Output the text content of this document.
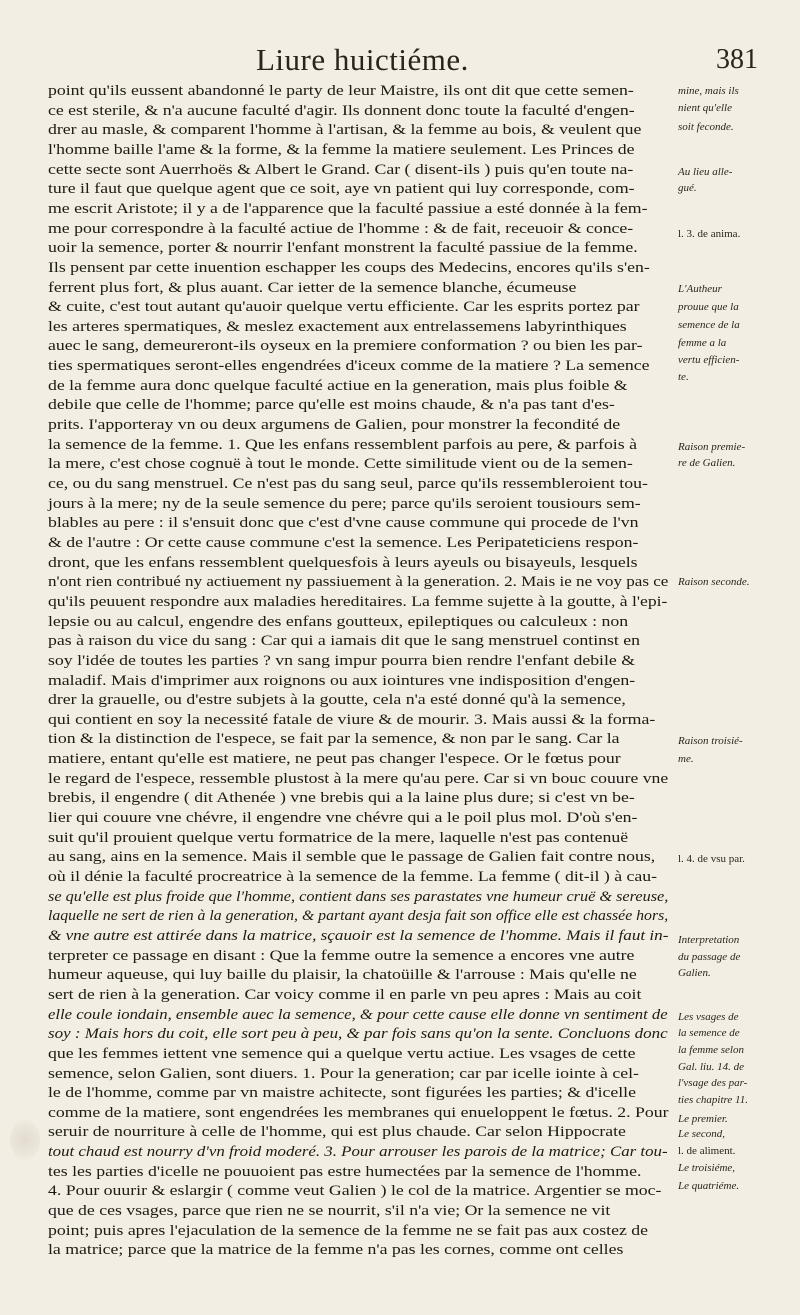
Liure huictiéme.	381
point qu'ils eussent abandonné le party de leur Maistre, ils ont dit que cette semen-
ce est sterile, & n'a aucune faculté d'agir. Ils donnent donc toute la faculté d'engen-
drer au masle, & comparent l'homme à l'artisan, & la femme au bois, & veulent que
l'homme baille l'ame & la forme, & la femme la matiere seulement. Les Princes de
cette secte sont Auerrhoës & Albert le Grand. Car ( disent-ils ) puis qu'en toute na-
ture il faut que quelque agent que ce soit, aye vn patient qui luy corresponde, com-
me escrit Aristote; il y a de l'apparence que la faculté passiue a esté donnée à la fem-
me pour correspondre à la faculté actiue de l'homme : & de fait, receuoir & conce-
uoir la semence, porter & nourrir l'enfant monstrent la faculté passiue de la femme.
Ils pensent par cette inuention eschapper les coups des Medecins, encores qu'ils s'en-
ferrent plus fort, & plus auant. Car ietter de la semence blanche, écumeuse
& cuite, c'est tout autant qu'auoir quelque vertu efficiente. Car les esprits portez par
les arteres spermatiques, & meslez exactement aux entrelassemens labyrinthiques
auec le sang, demeureront-ils oyseux en la premiere conformation ? ou bien les par-
ties spermatiques seront-elles engendrées d'iceux comme de la matiere ? La semence
de la femme aura donc quelque faculté actiue en la generation, mais plus foible &
debile que celle de l'homme; parce qu'elle est moins chaude, & n'a pas tant d'es-
prits. I'apporteray vn ou deux argumens de Galien, pour monstrer la fecondité de
la semence de la femme. 1. Que les enfans ressemblent parfois au pere, & parfois à
la mere, c'est chose cognuë à tout le monde. Cette similitude vient ou de la semen-
ce, ou du sang menstruel. Ce n'est pas du sang seul, parce qu'ils ressembleroient tou-
jours à la mere; ny de la seule semence du pere; parce qu'ils seroient tousiours sem-
blables au pere : il s'ensuit donc que c'est d'vne cause commune qui procede de l'vn
& de l'autre : Or cette cause commune c'est la semence. Les Peripateticiens respon-
dront, que les enfans ressemblent quelquesfois à leurs ayeuls ou bisayeuls, lesquels
n'ont rien contribué ny actiuement ny passiuement à la generation. 2. Mais ie ne voy pas ce
qu'ils peuuent respondre aux maladies hereditaires. La femme sujette à la goutte, à l'epi-
lepsie ou au calcul, engendre des enfans goutteux, epileptiques ou calculeux : non
pas à raison du vice du sang : Car qui a iamais dit que le sang menstruel continst en
soy l'idée de toutes les parties ? vn sang impur pourra bien rendre l'enfant debile &
maladif. Mais d'imprimer aux roignons ou aux iointures vne indisposition d'engen-
drer la grauelle, ou d'estre subjets à la goutte, cela n'a esté donné qu'à la semence,
qui contient en soy la necessité fatale de viure & de mourir. 3. Mais aussi & la forma-
tion & la distinction de l'espece, se fait par la semence, & non par le sang. Car la
matiere, entant qu'elle est matiere, ne peut pas changer l'espece. Or le fœtus pour
le regard de l'espece, ressemble plustost à la mere qu'au pere. Car si vn bouc couure vne
brebis, il engendre ( dit Athenée ) vne brebis qui a la laine plus dure; si c'est vn be-
lier qui couure vne chévre, il engendre vne chévre qui a le poil plus mol. D'où s'en-
suit qu'il prouient quelque vertu formatrice de la mere, laquelle n'est pas contenuë
au sang, ains en la semence. Mais il semble que le passage de Galien fait contre nous,
où il dénie la faculté procreatrice à la semence de la femme. La femme ( dit-il ) à cau-
se qu'elle est plus froide que l'homme, contient dans ses parastates vne humeur cruë & sereuse,
laquelle ne sert de rien à la generation, & partant ayant desja fait son office elle est chassée hors,
& vne autre est attirée dans la matrice, sçauoir est la semence de l'homme. Mais il faut in-
terpreter ce passage en disant : Que la femme outre la semence a encores vne autre
humeur aqueuse, qui luy baille du plaisir, la chatoüille & l'arrouse : Mais qu'elle ne
sert de rien à la generation. Car voicy comme il en parle vn peu apres : Mais au coit
elle coule iondain, ensemble auec la semence, & pour cette cause elle donne vn sentiment de
soy : Mais hors du coit, elle sort peu à peu, & par fois sans qu'on la sente. Concluons donc
que les femmes iettent vne semence qui a quelque vertu actiue. Les vsages de cette
semence, selon Galien, sont diuers. 1. Pour la generation; car par icelle iointe à cel-
le de l'homme, comme par vn maistre achitecte, sont figurées les parties; & d'icelle
comme de la matiere, sont engendrées les membranes qui enueloppent le fœtus. 2. Pour
seruir de nourriture à celle de l'homme, qui est plus chaude. Car selon Hippocrate
tout chaud est nourry d'vn froid moderé. 3. Pour arrouser les parois de la matrice; Car tou-
tes les parties d'icelle ne pouuoient pas estre humectées par la semence de l'homme.
4. Pour ouurir & eslargir ( comme veut Galien ) le col de la matrice. Argentier se moc-
que de ces vsages, parce que rien ne se nourrit, s'il n'a vie; Or la semence ne vit
point; puis apres l'ejaculation de la semence de la femme ne se fait pas aux costez de
la matrice; parce que la matrice de la femme n'a pas les cornes, comme ont celles
mine, mais ils
nient qu'elle
soit feconde.
Au lieu alle-
gué.
l. 3. de anima.
L'Autheur
prouue que la
semence de la
femme a la
vertu efficien-
te.
Raison premie-
re de Galien.
Raison seconde.
Raison troisié-
me.
l. 4. de vsu par.
Interpretation
du passage de
Galien.
Les vsages de
la semence de
la femme selon
Gal. liu. 14. de
l'vsage des par-
ties chapitre 11.
Le premier.
Le second,
l. de aliment.
Le troisiéme,
Le quatriéme.
